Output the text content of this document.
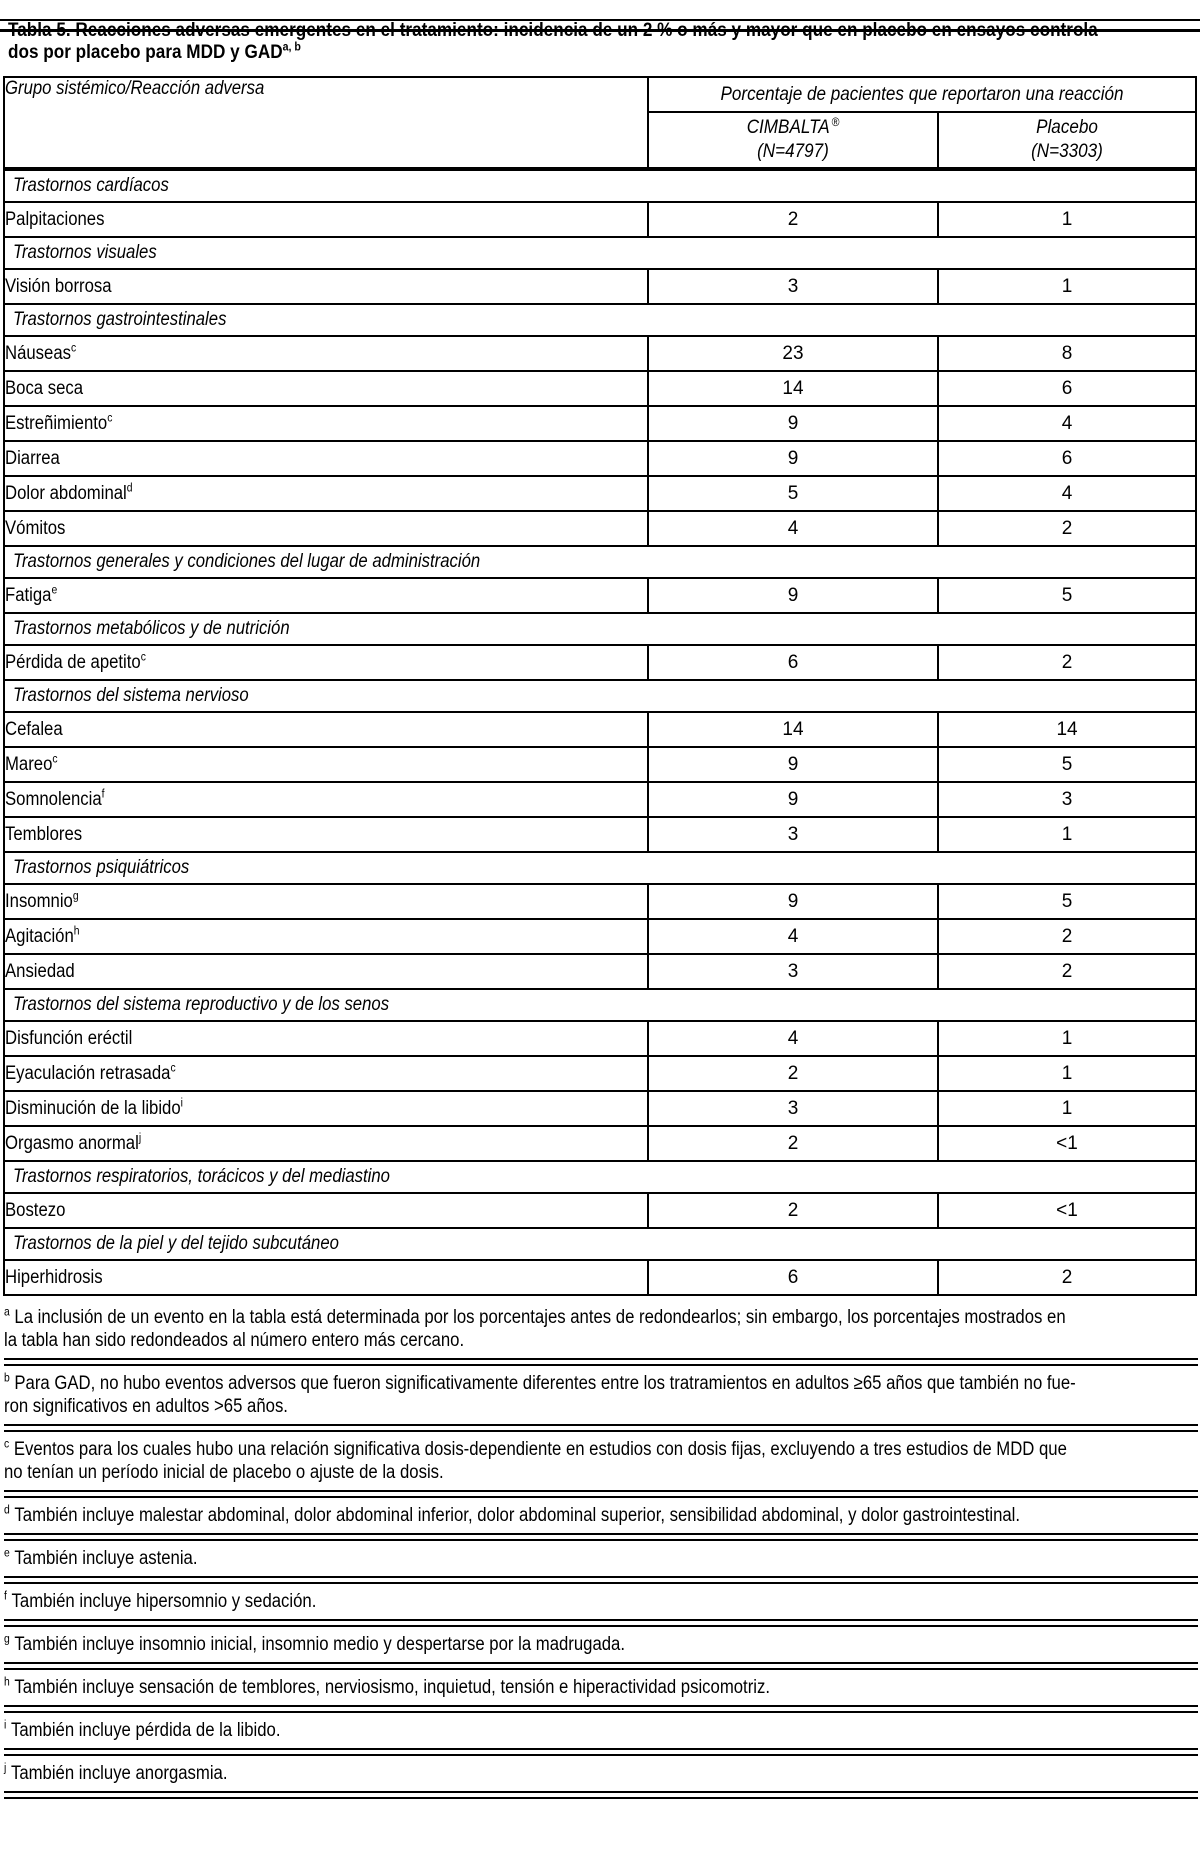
Tabla 5. Reacciones adversas emergentes en el tratamiento: incidencia de un 2 % o más y mayor que en placebo en ensayos controla-
dos por placebo para MDD y GAD$^{a, b}$
Grupo sistémico/Reacción adversa	Porcentaje de pacientes que reportaron una reacción	

CIMBALTA ®
(N=4797)

Placebo
(N=3303)

Trastornos cardíacos		
Palpitaciones	2	1
Trastornos visuales		
Visión borrosa	3	1
Trastornos gastrointestinales		
Náuseas$^c$	23	8
Boca seca	14	6
Estreñimiento$^c$	9	4
Diarrea	9	6
Dolor abdominal$^d$	5	4
Vómitos	4	2
Trastornos generales y condiciones del lugar de administración		
Fatiga$^e$	9	5
Trastornos metabólicos y de nutrición		
Pérdida de apetito$^c$	6	2
Trastornos del sistema nervioso		
Cefalea	14	14
Mareo$^c$	9	5
Somnolencia$^f$	9	3
Temblores	3	1
Trastornos psiquiátricos		
Insomnio$^g$	9	5
Agitación$^h$	4	2
Ansiedad	3	2
Trastornos del sistema reproductivo y de los senos		
Disfunción eréctil	4	1
Eyaculación retrasada$^c$	2	1
Disminución de la libido$^i$	3	1
Orgasmo anormal$^j$	2	<1
Trastornos respiratorios, torácicos y del mediastino		
Bostezo	2	<1
Trastornos de la piel y del tejido subcutáneo		
Hiperhidrosis	6	2
$^a$ La inclusión de un evento en la tabla está determinada por los porcentajes antes de redondearlos; sin embargo, los porcentajes mostrados en
la tabla han sido redondeados al número entero más cercano.
$^b$ Para GAD, no hubo eventos adversos que fueron significativamente diferentes entre los tratramientos en adultos ≥65 años que también no fue-
ron significativos en adultos >65 años.
$^c$ Eventos para los cuales hubo una relación significativa dosis-dependiente en estudios con dosis fijas, excluyendo a tres estudios de MDD que
no tenían un período inicial de placebo o ajuste de la dosis.
$^d$ También incluye malestar abdominal, dolor abdominal inferior, dolor abdominal superior, sensibilidad abdominal, y dolor gastrointestinal.
$^e$ También incluye astenia.
$^f$ También incluye hipersomnio y sedación.
$^g$ También incluye insomnio inicial, insomnio medio y despertarse por la madrugada.
$^h$ También incluye sensación de temblores, nerviosismo, inquietud, tensión e hiperactividad psicomotriz.
$^i$ También incluye pérdida de la libido.
$^j$ También incluye anorgasmia.
